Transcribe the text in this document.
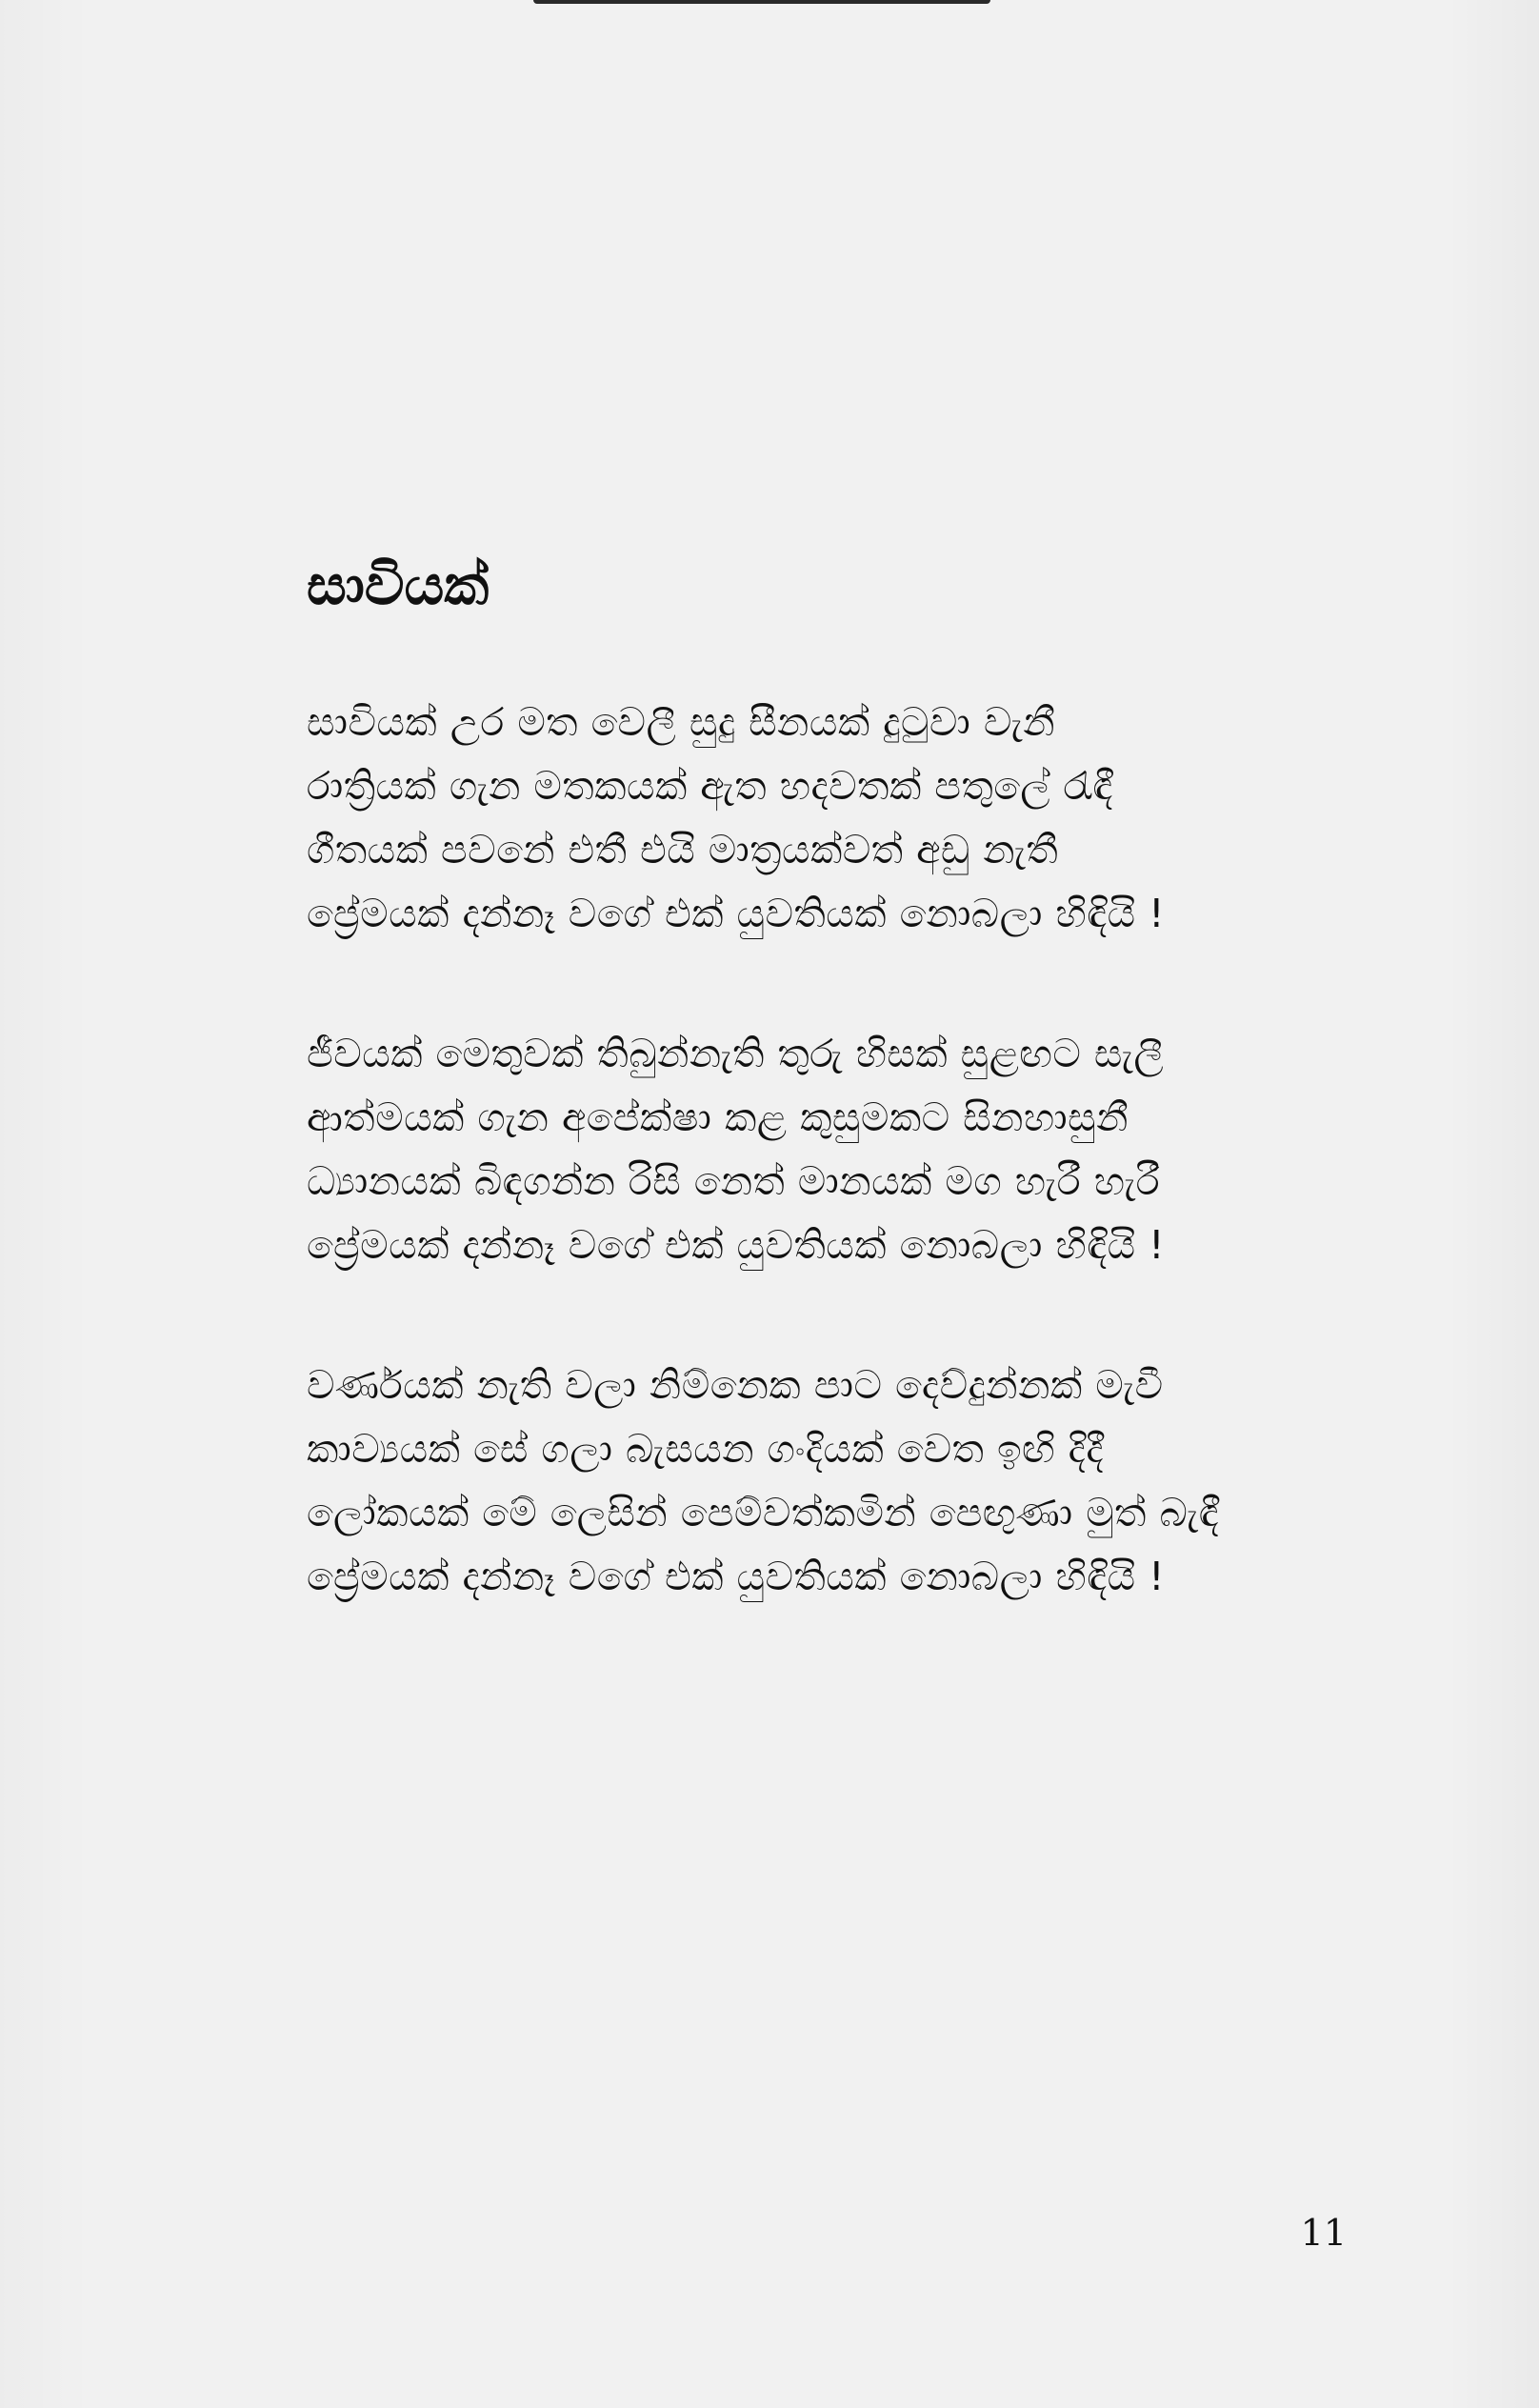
සාවියක්
සාවියක් උර මත වෙලී සුදු සීනයක් දුටුවා වැනී
රාත්‍රියක් ගැන මතකයක් ඇත හදවතක් පතුලේ රැඳී
ගීතයක් පවනේ එතී එයි මාත්‍රයක්වත් අඩු නැතී
ප්‍රේමයක් දන්නෑ වගේ එක් යුවතියක් නොබලා හිඳියි !
ජීවයක් මෙතුවක් තිබුන්නැති තුරු හිසක් සුළඟට සැලී
ආත්මයක් ගැන අපේක්ෂා කළ කුසුමකට සිනහාසුනී
ධ්‍යානයක් බිඳගන්න රිසි නෙත් මානයක් මග හැරී හැරී
ප්‍රේමයක් දන්නෑ වගේ එක් යුවතියක් නොබලා හිඳියි !
වර්ණයක් නැති වලා නිම්නෙක පාට දෙව්දුන්නක් මැවී
කාව්‍යයක් සේ ගලා බැසයන ගංදියක් වෙත ඉඟි දිදී
ලෝකයක් මේ ලෙසින් පෙම්වත්කමින් පෙඟුණා මුත් බැඳී
ප්‍රේමයක් දන්නෑ වගේ එක් යුවතියක් නොබලා හිඳියි !
11
